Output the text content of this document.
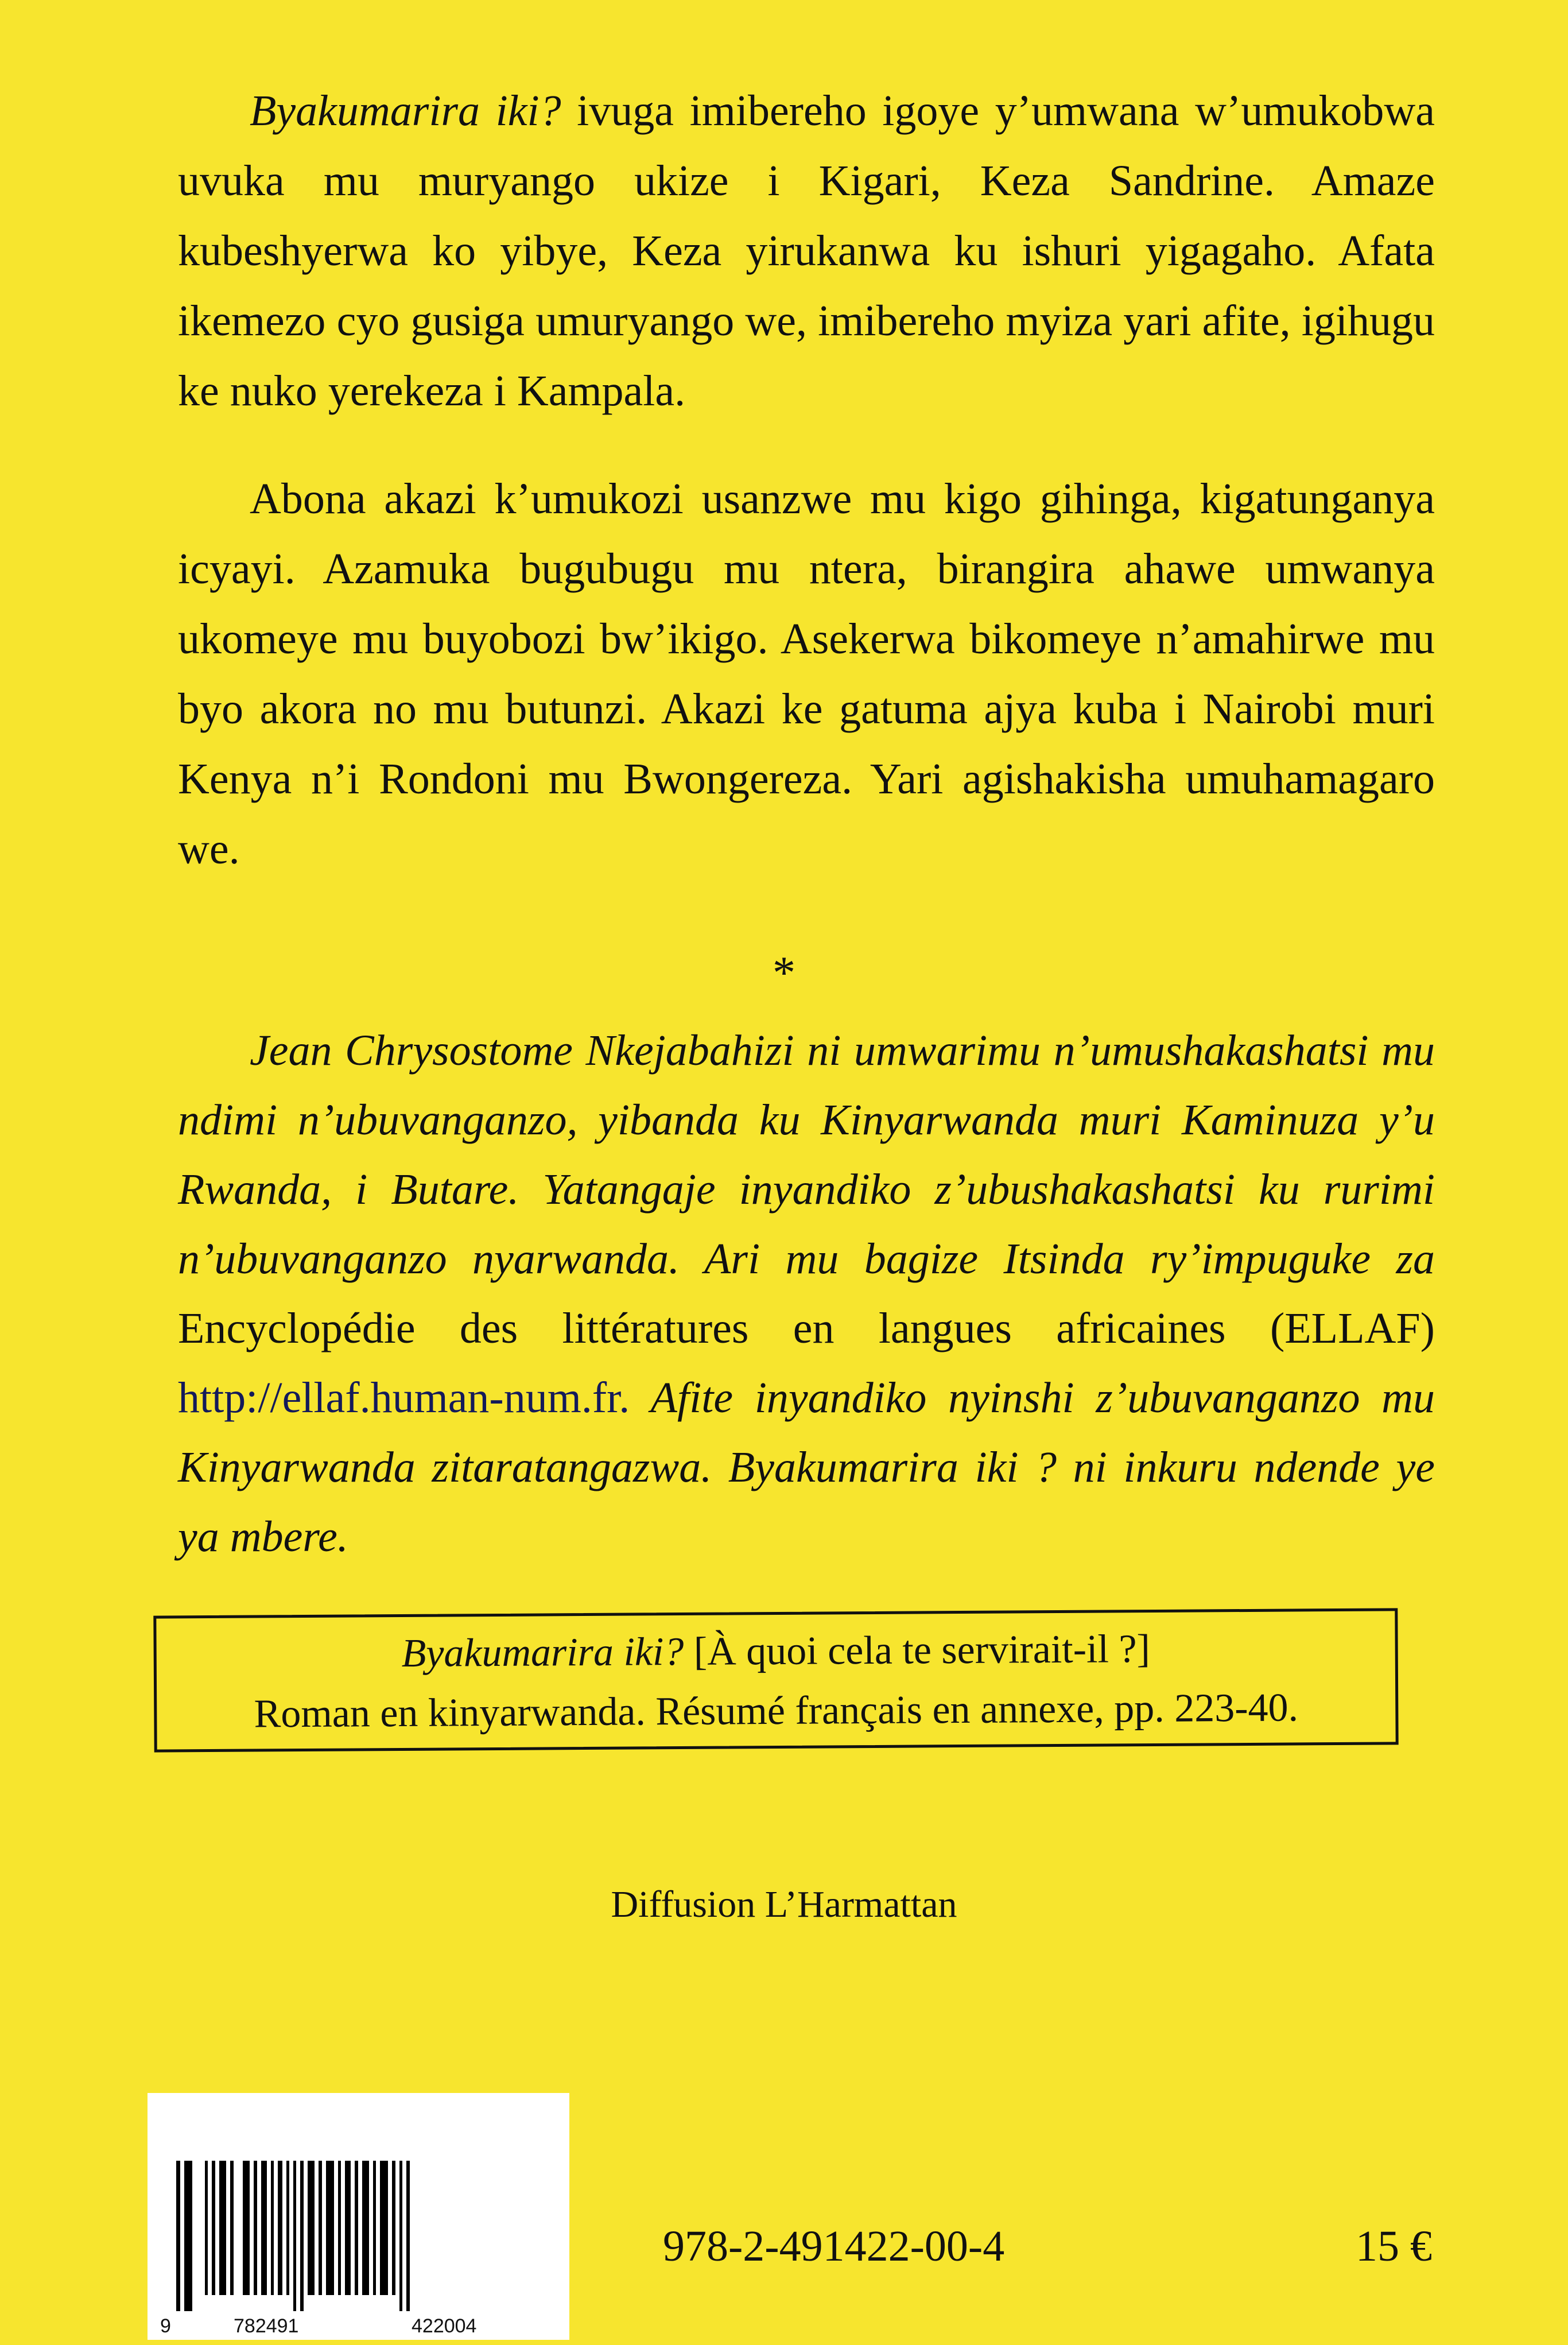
Byakumarira iki? ivuga imibereho igoye y’umwana w’umukobwa uvuka mu muryango ukize i Kigari, Keza Sandrine. Amaze kubeshyerwa ko yibye, Keza yirukanwa ku ishuri yigagaho. Afata ikemezo cyo gusiga umuryango we, imibereho myiza yari afite, igihugu ke nuko yerekeza i Kampala.

Abona akazi k’umukozi usanzwe mu kigo gihinga, kigatunganya icyayi. Azamuka bugubugu mu ntera, birangira ahawe umwanya ukomeye mu buyobozi bw’ikigo. Asekerwa bikomeye n’amahirwe mu byo akora no mu butunzi. Akazi ke gatuma ajya kuba i Nairobi muri Kenya n’i Rondoni mu Bwongereza. Yari agishakisha umuhamagaro we.

*

Jean Chrysostome Nkejabahizi ni umwarimu n’umushakashatsi mu ndimi n’ubuvanganzo, yibanda ku Kinyarwanda muri Kaminuza y’u Rwanda, i Butare. Yatangaje inyandiko z’ubushakashatsi ku rurimi n’ubuvanganzo nyarwanda. Ari mu bagize Itsinda ry’impuguke za Encyclopédie des littératures en langues africaines (ELLAF) http://ellaf.human-num.fr. Afite inyandiko nyinshi z’ubuvanganzo mu Kinyarwanda zitaratangazwa. Byakumarira iki ? ni inkuru ndende ye ya mbere.

Byakumarira iki? [À quoi cela te servirait-il ?]
Roman en kinyarwanda. Résumé français en annexe, pp. 223-40.
Diffusion L’Harmattan
9	782491	422004
978-2-491422-00-4	15 €
